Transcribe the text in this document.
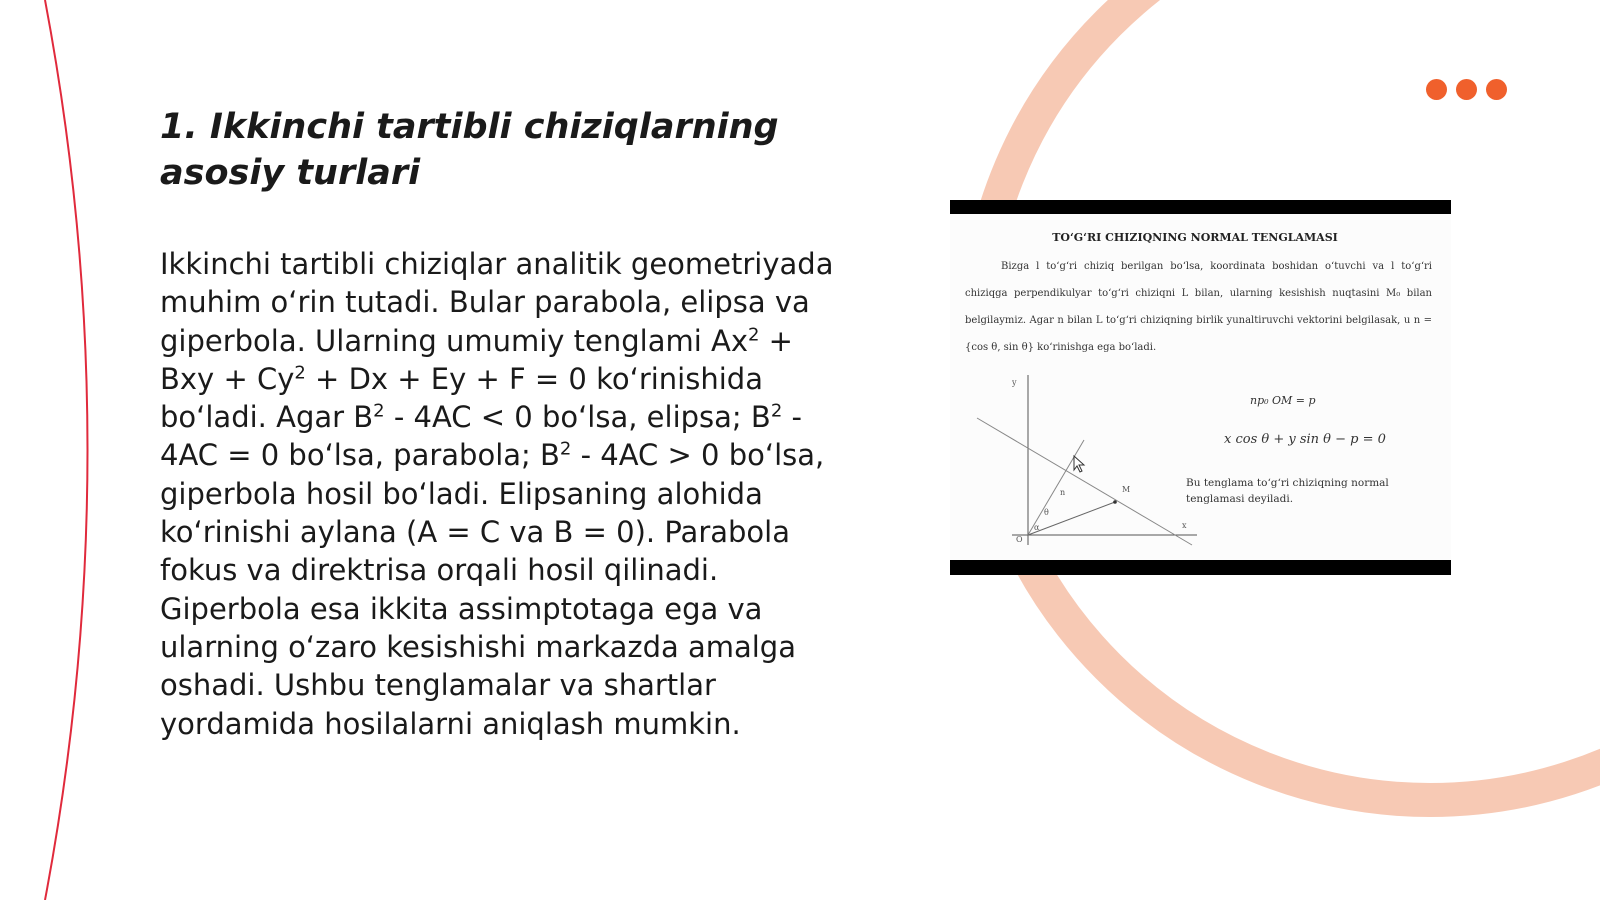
1. Ikkinchi tartibli chiziqlarning asosiy turlari

Ikkinchi tartibli chiziqlar analitik geometriyada muhim o‘rin tutadi. Bular parabola, elipsa va giperbola. Ularning umumiy tenglami $Ax^2$ + Bxy + $Cy^2 + Dx + Ey + F = 0$ ko‘rinishida bo‘ladi. Agar $B^2 - 4AC < 0$ bo‘lsa, elipsa; $B^2 - 4AC = 0$ bo‘lsa, parabola; $B^2 - 4AC > 0$ bo‘lsa, giperbola hosil bo‘ladi. Elipsaning alohida ko‘rinishi aylana (A = C va B = 0). Parabola fokus va direktrisa orqali hosil qilinadi. Giperbola esa ikkita assimptotaga ega va ularning o‘zaro kesishishi markazda amalga oshadi. Ushbu tenglamalar va shartlar yordamida hosilalarni aniqlash mumkin.

TO‘G‘RI CHIZIQNING NORMAL TENGLAMASI
Bizga l to‘g‘ri chiziq berilgan bo‘lsa, koordinata boshidan o‘tuvchi va l to‘g‘ri chiziqga perpendikulyar to‘g‘ri chiziqni L bilan, ularning kesishish nuqtasini M₀ bilan belgilaymiz. Agar n bilan L to‘g‘ri chiziqning birlik yunaltiruvchi vektorini belgilasak, u n = {cos θ, sin θ} ko‘rinishga ega bo‘ladi.
y
x
O
M
n
θ
α
np₀ OM = p
x cos θ + y sin θ − p = 0
Bu tenglama to‘g‘ri chiziqning normal tenglamasi deyiladi.
